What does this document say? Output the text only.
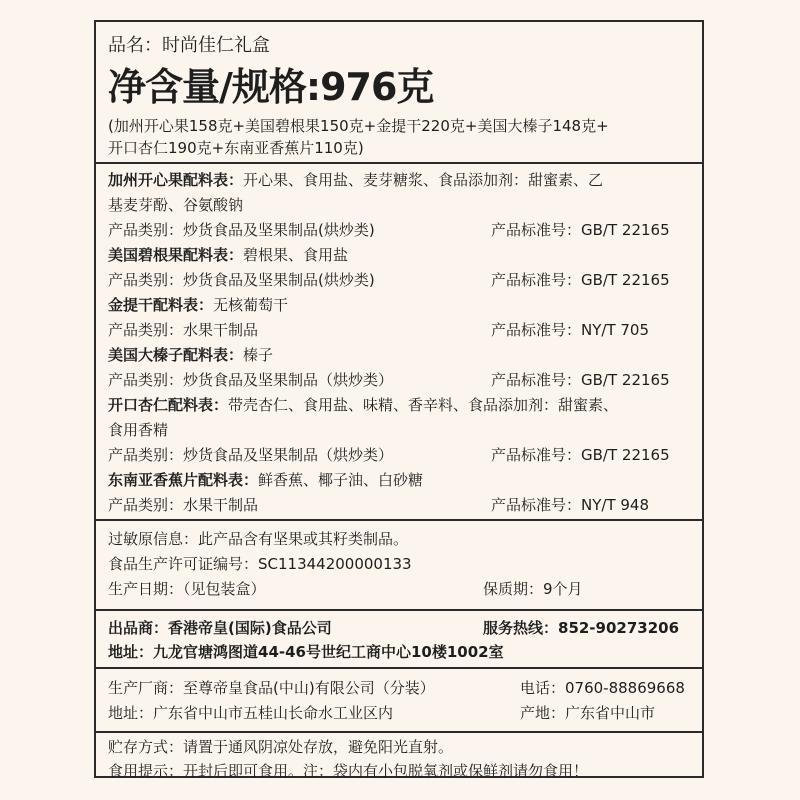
品名：时尚佳仁礼盒
净含量/规格:976克
(加州开心果158克+美国碧根果150克+金提干220克+美国大榛子148克+
开口杏仁190克+东南亚香蕉片110克)
加州开心果配料表：开心果、食用盐、麦芽糖浆、食品添加剂：甜蜜素、乙
基麦芽酚、谷氨酸钠
产品类别：炒货食品及坚果制品(烘炒类)	产品标准号：GB/T 22165
美国碧根果配料表：碧根果、食用盐
产品类别：炒货食品及坚果制品(烘炒类)	产品标准号：GB/T 22165
金提干配料表：无核葡萄干
产品类别：水果干制品	产品标准号：NY/T 705
美国大榛子配料表：榛子
产品类别：炒货食品及坚果制品（烘炒类）	产品标准号：GB/T 22165
开口杏仁配料表：带壳杏仁、食用盐、味精、香辛料、食品添加剂：甜蜜素、
食用香精
产品类别：炒货食品及坚果制品（烘炒类）	产品标准号：GB/T 22165
东南亚香蕉片配料表：鲜香蕉、椰子油、白砂糖
产品类别：水果干制品	产品标准号：NY/T 948
过敏原信息：此产品含有坚果或其籽类制品。
食品生产许可证编号：SC11344200000133
生产日期：（见包装盒）	保质期：9个月
出品商：香港帝皇(国际)食品公司	服务热线：852-90273206
地址：九龙官塘鸿图道44-46号世纪工商中心10楼1002室
生产厂商：至尊帝皇食品(中山)有限公司（分装）	电话：0760-88869668
地址：广东省中山市五桂山长命水工业区内	产地：广东省中山市
贮存方式：请置于通风阴凉处存放，避免阳光直射。
食用提示：开封后即可食用。注：袋内有小包脱氧剂或保鲜剂请勿食用！
